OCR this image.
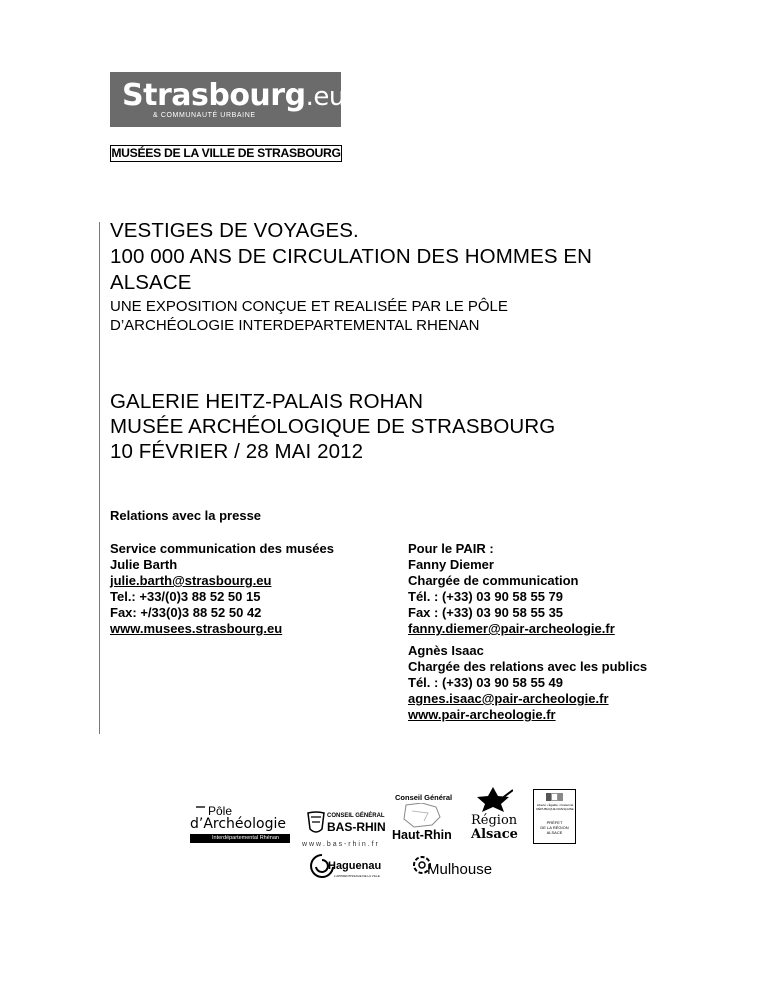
Strasbourg.eu
& COMMUNAUTÉ URBAINE
MUSÉES DE LA VILLE DE STRASBOURG
VESTIGES DE VOYAGES.
100 000 ANS DE CIRCULATION DES HOMMES EN
ALSACE
UNE EXPOSITION CONÇUE ET REALISÉE PAR LE PÔLE
D’ARCHÉOLOGIE INTERDEPARTEMENTAL RHENAN
GALERIE HEITZ-PALAIS ROHAN
MUSÉE ARCHÉOLOGIQUE DE STRASBOURG
10 FÉVRIER / 28 MAI 2012
Relations avec la presse
Service communication des musées
Julie Barth
julie.barth@strasbourg.eu
Tel.: +33/(0)3 88 52 50 15
Fax: +/33(0)3 88 52 50 42
www.musees.strasbourg.eu
Pour le PAIR :
Fanny Diemer
Chargée de communication
Tél. : (+33) 03 90 58 55 79
Fax : (+33) 03 90 58 55 35
fanny.diemer@pair-archeologie.fr
Agnès Isaac
Chargée des relations avec les publics
Tél. : (+33) 03 90 58 55 49
agnes.isaac@pair-archeologie.fr
www.pair-archeologie.fr
Pôle
d’Archéologie
Interdépartemental Rhénan
CONSEIL GÉNÉRAL
BAS-RHIN
w w w . b a s - r h i n . f r
Conseil Général
Haut-Rhin
Région
Alsace
Liberté • Égalité • Fraternité
RÉPUBLIQUE FRANÇAISE
PRÉFET
DE LA RÉGION
ALSACE
Haguenau
L'APPRENTISSAGE DE LA VILLE	Mulhouse
